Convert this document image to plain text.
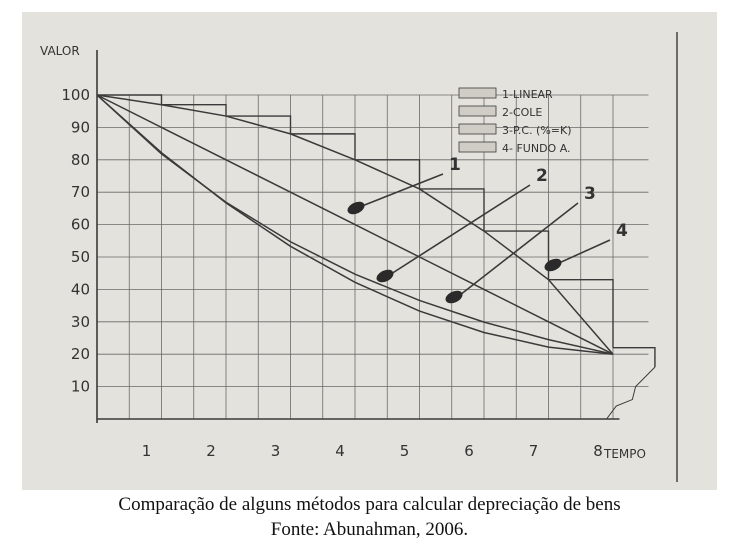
10
20
30
40
50
60
70
80
90
100
1	2	3	4	5	6	7	8
1-LINEAR
2-COLE
3-P.C. (%=K)
4- FUNDO A.
1
2
3
4
VALOR
TEMPO
Comparação de alguns métodos para calcular depreciação de bens
Fonte: Abunahman, 2006.
